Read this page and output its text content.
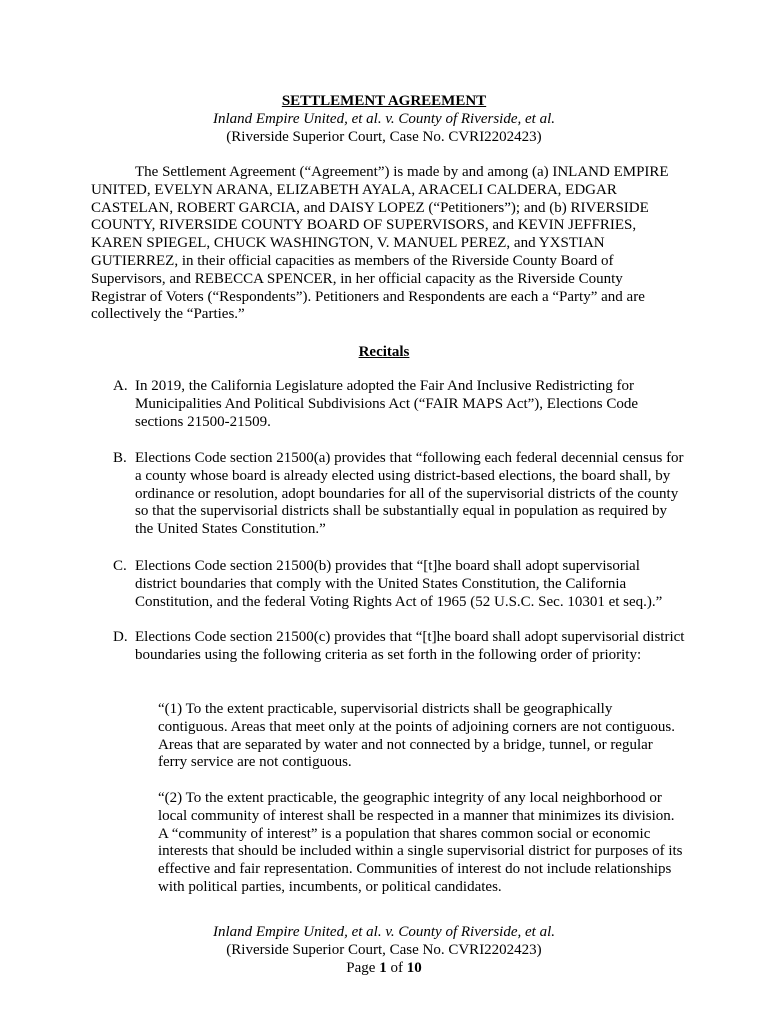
SETTLEMENT AGREEMENT
Inland Empire United, et al. v. County of Riverside, et al.
(Riverside Superior Court, Case No. CVRI2202423)

The Settlement Agreement (“Agreement”) is made by and among (a) INLAND EMPIRE UNITED, EVELYN ARANA, ELIZABETH AYALA, ARACELI CALDERA, EDGAR CASTELAN, ROBERT GARCIA, and DAISY LOPEZ (“Petitioners”); and (b) RIVERSIDE COUNTY, RIVERSIDE COUNTY BOARD OF SUPERVISORS, and KEVIN JEFFRIES, KAREN SPIEGEL, CHUCK WASHINGTON, V. MANUEL PEREZ, and YXSTIAN GUTIERREZ, in their official capacities as members of the Riverside County Board of Supervisors, and REBECCA SPENCER, in her official capacity as the Riverside County Registrar of Voters (“Respondents”). Petitioners and Respondents are each a “Party” and are collectively the “Parties.”

Recitals
A. In 2019, the California Legislature adopted the Fair And Inclusive Redistricting for Municipalities And Political Subdivisions Act (“FAIR MAPS Act”), Elections Code sections 21500-21509.
B. Elections Code section 21500(a) provides that “following each federal decennial census for a county whose board is already elected using district-based elections, the board shall, by ordinance or resolution, adopt boundaries for all of the supervisorial districts of the county so that the supervisorial districts shall be substantially equal in population as required by the United States Constitution.”
C. Elections Code section 21500(b) provides that “[t]he board shall adopt supervisorial district boundaries that comply with the United States Constitution, the California Constitution, and the federal Voting Rights Act of 1965 (52 U.S.C. Sec. 10301 et seq.).”
D. Elections Code section 21500(c) provides that “[t]he board shall adopt supervisorial district boundaries using the following criteria as set forth in the following order of priority:

“(1) To the extent practicable, supervisorial districts shall be geographically contiguous. Areas that meet only at the points of adjoining corners are not contiguous. Areas that are separated by water and not connected by a bridge, tunnel, or regular ferry service are not contiguous.

“(2) To the extent practicable, the geographic integrity of any local neighborhood or local community of interest shall be respected in a manner that minimizes its division. A “community of interest” is a population that shares common social or economic interests that should be included within a single supervisorial district for purposes of its effective and fair representation. Communities of interest do not include relationships with political parties, incumbents, or political candidates.

Inland Empire United, et al. v. County of Riverside, et al.
(Riverside Superior Court, Case No. CVRI2202423)
Page 1 of 10
